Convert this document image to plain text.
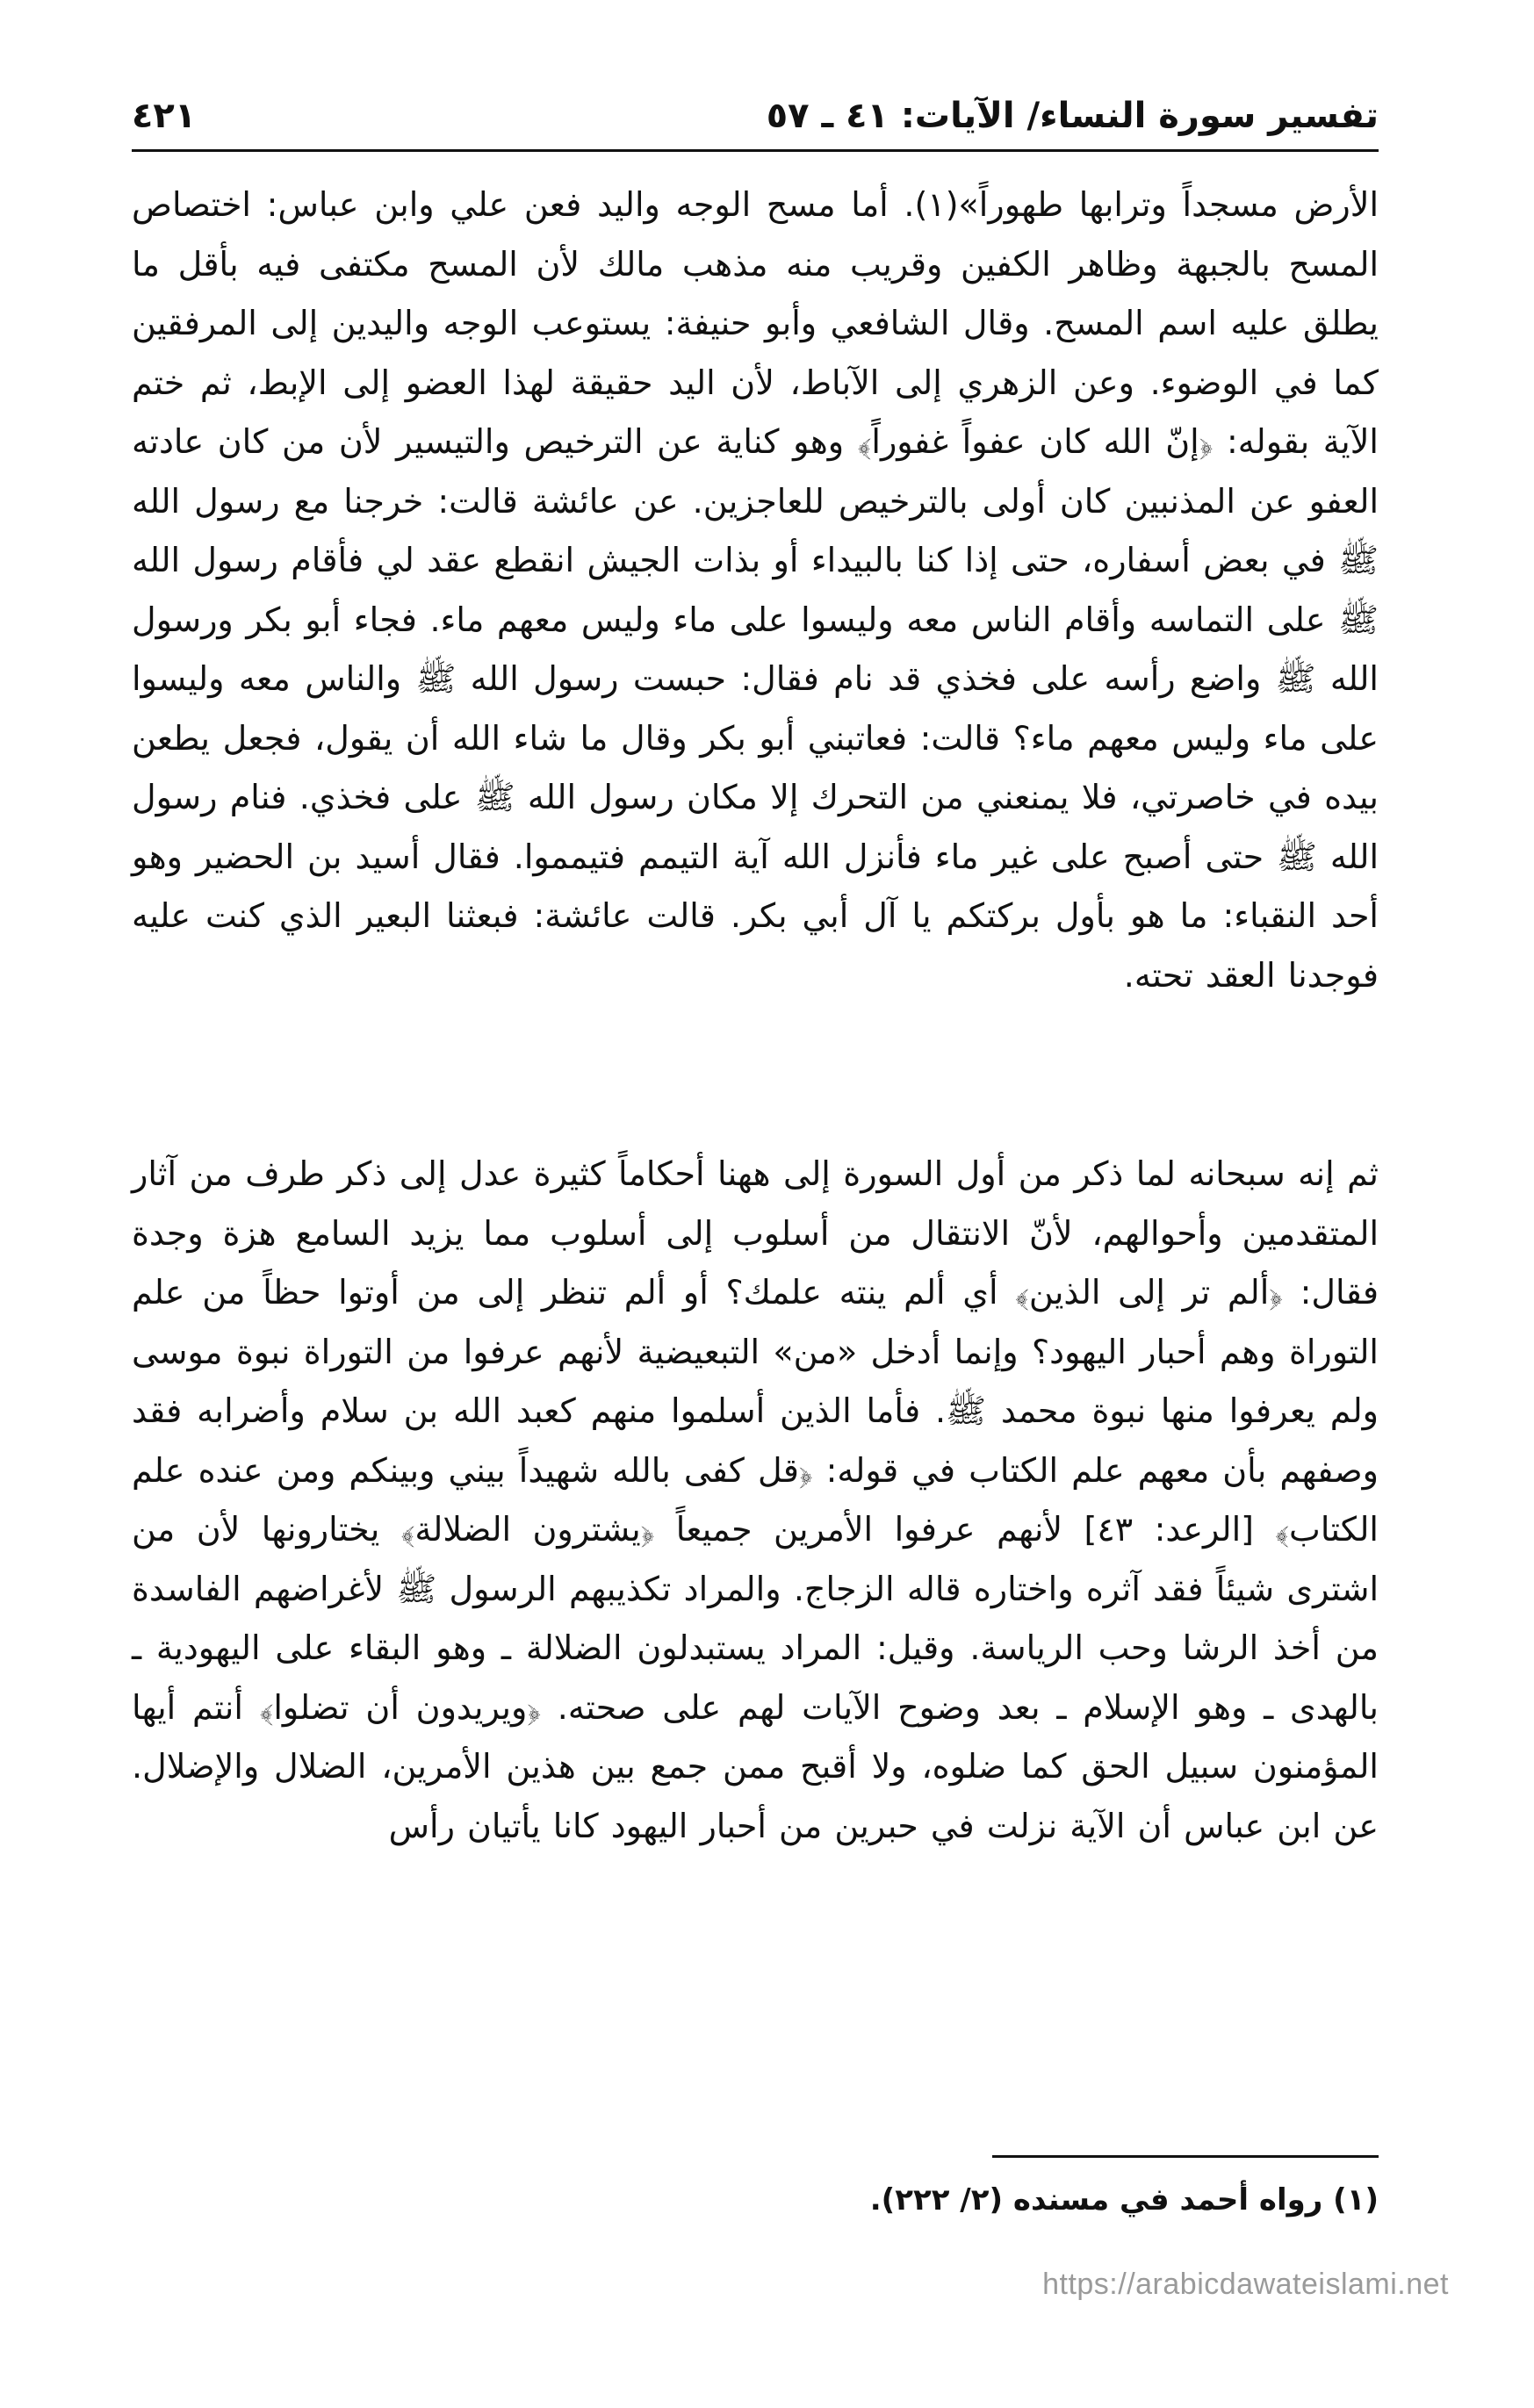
تفسير سورة النساء/ الآيات: ٤١ ـ ٥٧
٤٢١

الأرض مسجداً وترابها طهوراً»(١). أما مسح الوجه واليد فعن علي وابن عباس: اختصاص المسح بالجبهة وظاهر الكفين وقريب منه مذهب مالك لأن المسح مكتفى فيه بأقل ما يطلق عليه اسم المسح. وقال الشافعي وأبو حنيفة: يستوعب الوجه واليدين إلى المرفقين كما في الوضوء. وعن الزهري إلى الآباط، لأن اليد حقيقة لهذا العضو إلى الإبط، ثم ختم الآية بقوله: ﴿إنّ الله كان عفواً غفوراً﴾ وهو كناية عن الترخيص والتيسير لأن من كان عادته العفو عن المذنبين كان أولى بالترخيص للعاجزين. عن عائشة قالت: خرجنا مع رسول الله ﷺ في بعض أسفاره، حتى إذا كنا بالبيداء أو بذات الجيش انقطع عقد لي فأقام رسول الله ﷺ على التماسه وأقام الناس معه وليسوا على ماء وليس معهم ماء. فجاء أبو بكر ورسول الله ﷺ واضع رأسه على فخذي قد نام فقال: حبست رسول الله ﷺ والناس معه وليسوا على ماء وليس معهم ماء؟ قالت: فعاتبني أبو بكر وقال ما شاء الله أن يقول، فجعل يطعن بيده في خاصرتي، فلا يمنعني من التحرك إلا مكان رسول الله ﷺ على فخذي. فنام رسول الله ﷺ حتى أصبح على غير ماء فأنزل الله آية التيمم فتيمموا. فقال أسيد بن الحضير وهو أحد النقباء: ما هو بأول بركتكم يا آل أبي بكر. قالت عائشة: فبعثنا البعير الذي كنت عليه فوجدنا العقد تحته.

ثم إنه سبحانه لما ذكر من أول السورة إلى ههنا أحكاماً كثيرة عدل إلى ذكر طرف من آثار المتقدمين وأحوالهم، لأنّ الانتقال من أسلوب إلى أسلوب مما يزيد السامع هزة وجدة فقال: ﴿ألم تر إلى الذين﴾ أي ألم ينته علمك؟ أو ألم تنظر إلى من أوتوا حظاً من علم التوراة وهم أحبار اليهود؟ وإنما أدخل «من» التبعيضية لأنهم عرفوا من التوراة نبوة موسى ولم يعرفوا منها نبوة محمد ﷺ. فأما الذين أسلموا منهم كعبد الله بن سلام وأضرابه فقد وصفهم بأن معهم علم الكتاب في قوله: ﴿قل كفى بالله شهيداً بيني وبينكم ومن عنده علم الكتاب﴾ [الرعد: ٤٣] لأنهم عرفوا الأمرين جميعاً ﴿يشترون الضلالة﴾ يختارونها لأن من اشترى شيئاً فقد آثره واختاره قاله الزجاج. والمراد تكذيبهم الرسول ﷺ لأغراضهم الفاسدة من أخذ الرشا وحب الرياسة. وقيل: المراد يستبدلون الضلالة ـ وهو البقاء على اليهودية ـ بالهدى ـ وهو الإسلام ـ بعد وضوح الآيات لهم على صحته. ﴿ويريدون أن تضلوا﴾ أنتم أيها المؤمنون سبيل الحق كما ضلوه، ولا أقبح ممن جمع بين هذين الأمرين، الضلال والإضلال. عن ابن عباس أن الآية نزلت في حبرين من أحبار اليهود كانا يأتيان رأس

(١) رواه أحمد في مسنده (٢/ ٢٢٢).
https://arabicdawateislami.net
